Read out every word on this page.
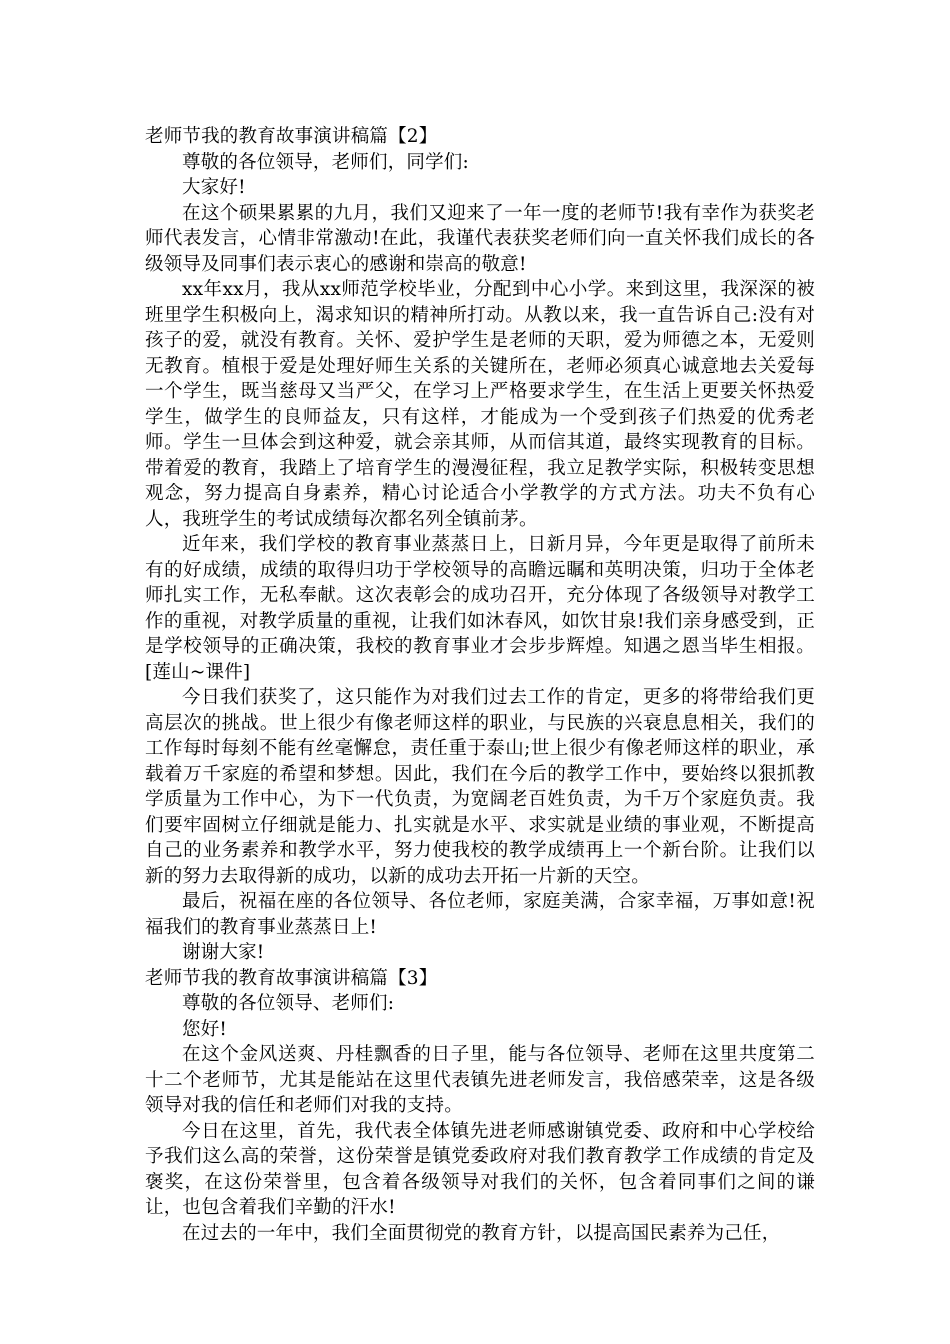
老师节我的教育故事演讲稿篇【2】

尊敬的各位领导，老师们，同学们:

大家好!

在这个硕果累累的九月，我们又迎来了一年一度的老师节!我有幸作为获奖老师代表发言，心情非常激动!在此，我谨代表获奖老师们向一直关怀我们成长的各级领导及同事们表示衷心的感谢和崇高的敬意!

xx年xx月，我从xx师范学校毕业，分配到中心小学。来到这里，我深深的被班里学生积极向上，渴求知识的精神所打动。从教以来，我一直告诉自己:没有对孩子的爱，就没有教育。关怀、爱护学生是老师的天职，爱为师德之本，无爱则无教育。植根于爱是处理好师生关系的关键所在，老师必须真心诚意地去关爱每一个学生，既当慈母又当严父，在学习上严格要求学生，在生活上更要关怀热爱学生，做学生的良师益友，只有这样，才能成为一个受到孩子们热爱的优秀老师。学生一旦体会到这种爱，就会亲其师，从而信其道，最终实现教育的目标。带着爱的教育，我踏上了培育学生的漫漫征程，我立足教学实际，积极转变思想观念，努力提高自身素养，精心讨论适合小学教学的方式方法。功夫不负有心人，我班学生的考试成绩每次都名列全镇前茅。

近年来，我们学校的教育事业蒸蒸日上，日新月异，今年更是取得了前所未有的好成绩，成绩的取得归功于学校领导的高瞻远瞩和英明决策，归功于全体老师扎实工作，无私奉献。这次表彰会的成功召开，充分体现了各级领导对教学工作的重视，对教学质量的重视，让我们如沐春风，如饮甘泉!我们亲身感受到，正是学校领导的正确决策，我校的教育事业才会步步辉煌。知遇之恩当毕生相报。[莲山~课件]

今日我们获奖了，这只能作为对我们过去工作的肯定，更多的将带给我们更高层次的挑战。世上很少有像老师这样的职业，与民族的兴衰息息相关，我们的工作每时每刻不能有丝毫懈怠，责任重于泰山;世上很少有像老师这样的职业，承载着万千家庭的希望和梦想。因此，我们在今后的教学工作中，要始终以狠抓教学质量为工作中心，为下一代负责，为宽阔老百姓负责，为千万个家庭负责。我们要牢固树立仔细就是能力、扎实就是水平、求实就是业绩的事业观，不断提高自己的业务素养和教学水平，努力使我校的教学成绩再上一个新台阶。让我们以新的努力去取得新的成功，以新的成功去开拓一片新的天空。

最后，祝福在座的各位领导、各位老师，家庭美满，合家幸福，万事如意!祝福我们的教育事业蒸蒸日上!

谢谢大家!

老师节我的教育故事演讲稿篇【3】

尊敬的各位领导、老师们:

您好!

在这个金风送爽、丹桂飘香的日子里，能与各位领导、老师在这里共度第二十二个老师节，尤其是能站在这里代表镇先进老师发言，我倍感荣幸，这是各级领导对我的信任和老师们对我的支持。

今日在这里，首先，我代表全体镇先进老师感谢镇党委、政府和中心学校给予我们这么高的荣誉，这份荣誉是镇党委政府对我们教育教学工作成绩的肯定及褒奖，在这份荣誉里，包含着各级领导对我们的关怀，包含着同事们之间的谦让，也包含着我们辛勤的汗水!

在过去的一年中，我们全面贯彻党的教育方针，以提高国民素养为己任，
